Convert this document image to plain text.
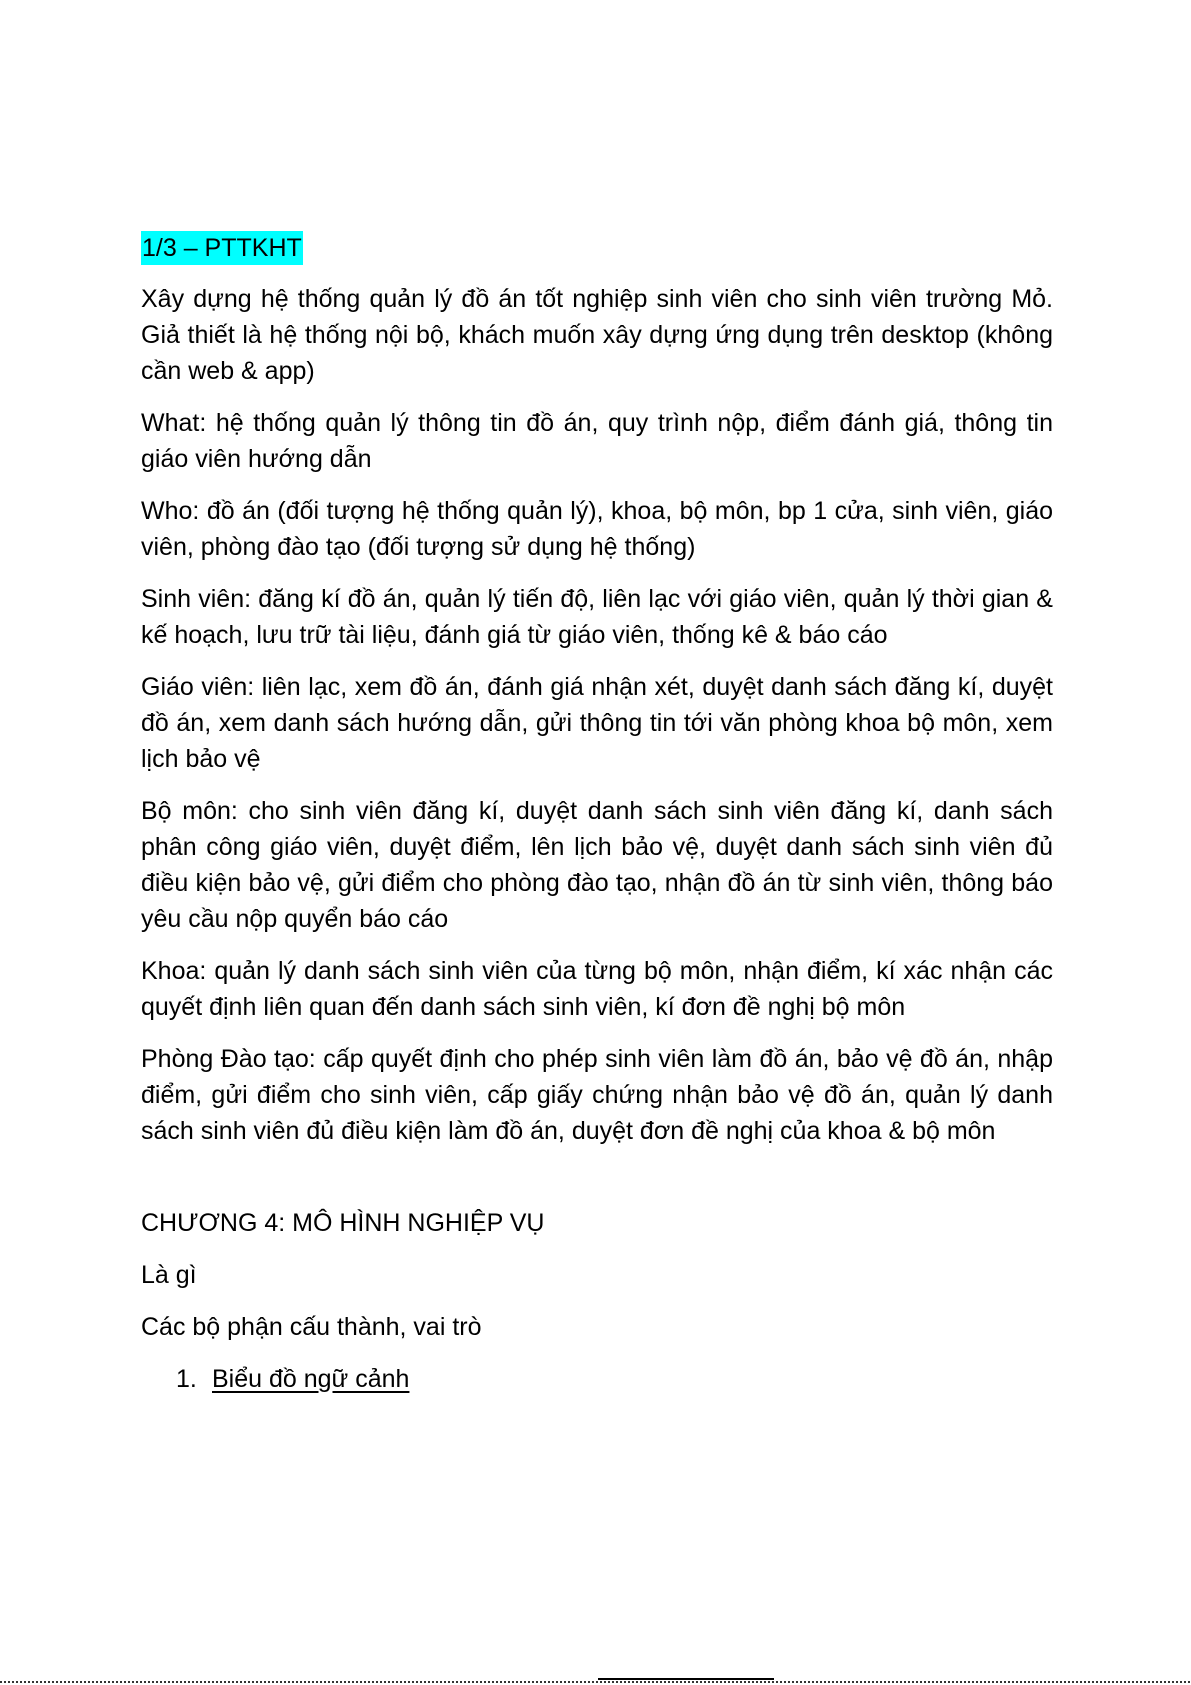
1/3 – PTTKHT

Xây dựng hệ thống quản lý đồ án tốt nghiệp sinh viên cho sinh viên trường Mỏ. Giả thiết là hệ thống nội bộ, khách muốn xây dựng ứng dụng trên desktop (không cần web & app)

What: hệ thống quản lý thông tin đồ án, quy trình nộp, điểm đánh giá, thông tin giáo viên hướng dẫn

Who: đồ án (đối tượng hệ thống quản lý), khoa, bộ môn, bp 1 cửa, sinh viên, giáo viên, phòng đào tạo (đối tượng sử dụng hệ thống)

Sinh viên: đăng kí đồ án, quản lý tiến độ, liên lạc với giáo viên, quản lý thời gian & kế hoạch, lưu trữ tài liệu, đánh giá từ giáo viên, thống kê & báo cáo

Giáo viên: liên lạc, xem đồ án, đánh giá nhận xét, duyệt danh sách đăng kí, duyệt đồ án, xem danh sách hướng dẫn, gửi thông tin tới văn phòng khoa bộ môn, xem lịch bảo vệ

Bộ môn: cho sinh viên đăng kí, duyệt danh sách sinh viên đăng kí, danh sách phân công giáo viên, duyệt điểm, lên lịch bảo vệ, duyệt danh sách sinh viên đủ điều kiện bảo vệ, gửi điểm cho phòng đào tạo, nhận đồ án từ sinh viên, thông báo yêu cầu nộp quyển báo cáo

Khoa: quản lý danh sách sinh viên của từng bộ môn, nhận điểm, kí xác nhận các quyết định liên quan đến danh sách sinh viên, kí đơn đề nghị bộ môn

Phòng Đào tạo: cấp quyết định cho phép sinh viên làm đồ án, bảo vệ đồ án, nhập điểm, gửi điểm cho sinh viên, cấp giấy chứng nhận bảo vệ đồ án, quản lý danh sách sinh viên đủ điều kiện làm đồ án, duyệt đơn đề nghị của khoa & bộ môn

CHƯƠNG 4: MÔ HÌNH NGHIỆP VỤ

Là gì

Các bộ phận cấu thành, vai trò

1. Biểu đồ ngữ cảnh
